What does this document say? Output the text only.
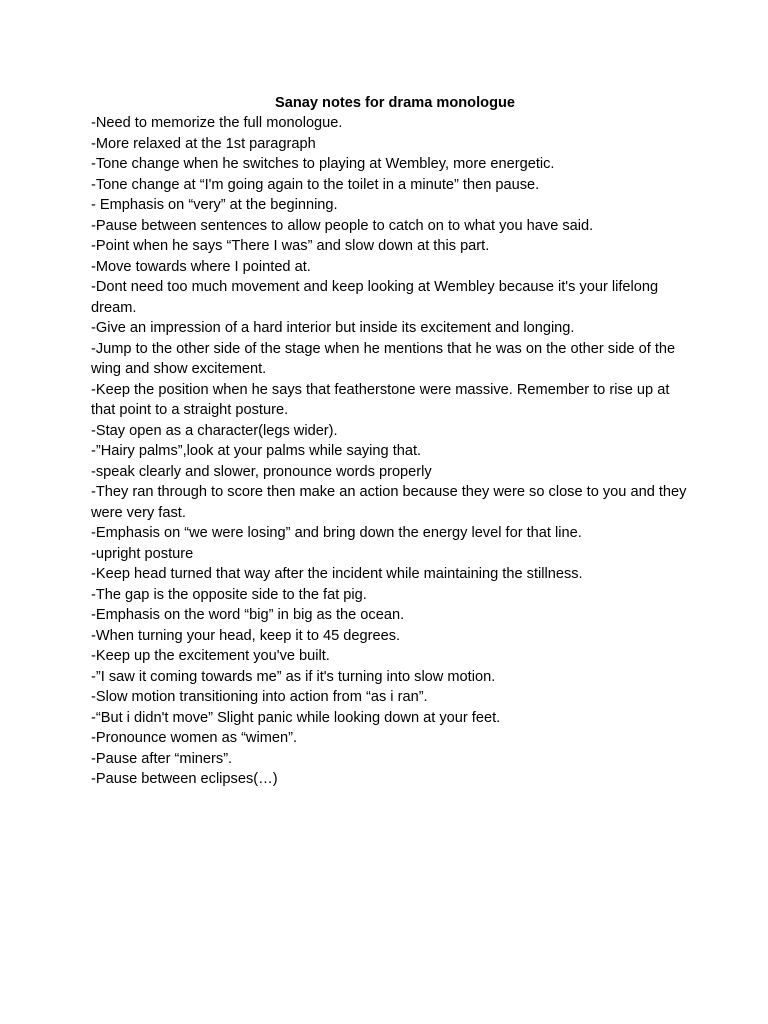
Sanay notes for drama monologue
-Need to memorize the full monologue.
-More relaxed at the 1st paragraph
-Tone change when he switches to playing at Wembley, more energetic.
-Tone change at “I'm going again to the toilet in a minute” then pause.
- Emphasis on “very” at the beginning.
-Pause between sentences to allow people to catch on to what you have said.
-Point when he says “There I was” and slow down at this part.
-Move towards where I pointed at.
-Dont need too much movement and keep looking at Wembley because it's your lifelong dream.
-Give an impression of a hard interior but inside its excitement and longing.
-Jump to the other side of the stage when he mentions that he was on the other side of the wing and show excitement.
-Keep the position when he says that featherstone were massive. Remember to rise up at that point to a straight posture.
-Stay open as a character(legs wider).
-”Hairy palms”,look at your palms while saying that.
-speak clearly and slower, pronounce words properly
-They ran through to score then make an action because they were so close to you and they were very fast.
-Emphasis on “we were losing” and bring down the energy level for that line.
-upright posture
-Keep head turned that way after the incident while maintaining the stillness.
-The gap is the opposite side to the fat pig.
-Emphasis on the word “big” in big as the ocean.
-When turning your head, keep it to 45 degrees.
-Keep up the excitement you've built.
-”I saw it coming towards me” as if it's turning into slow motion.
-Slow motion transitioning into action from “as i ran”.
-“But i didn't move” Slight panic while looking down at your feet.
-Pronounce women as “wimen”.
-Pause after “miners”.
-Pause between eclipses(…)
